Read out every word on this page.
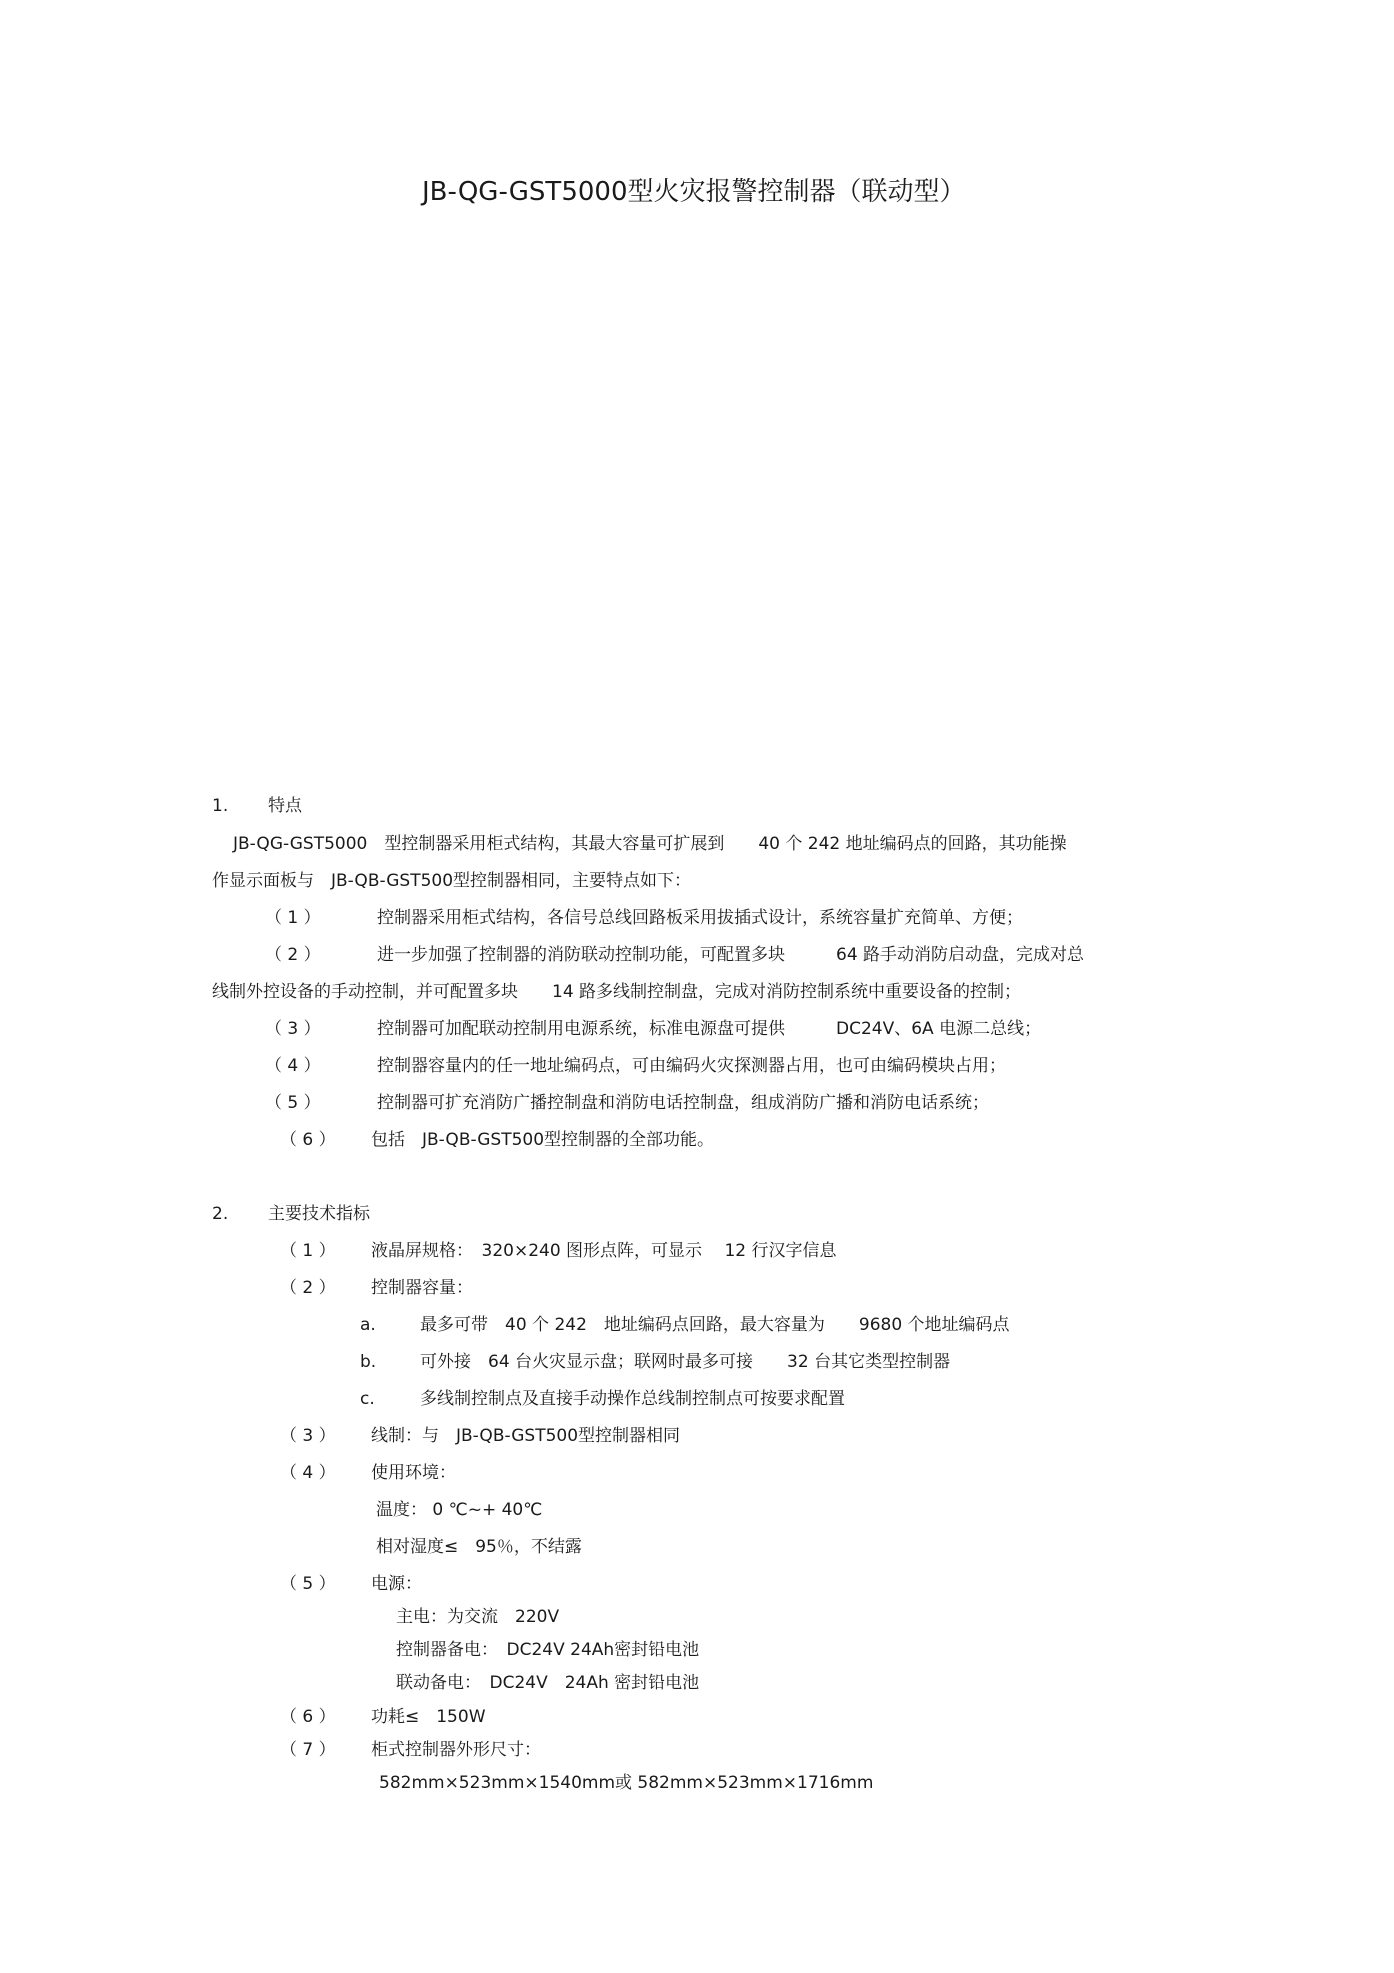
JB-QG-GST5000型火灾报警控制器（联动型）
1. 特点
JB-QG-GST5000　型控制器采用柜式结构，其最大容量可扩展到　　40 个 242 地址编码点的回路，其功能操
作显示面板与　JB-QB-GST500型控制器相同，主要特点如下：
（ 1 ）	控制器采用柜式结构，各信号总线回路板采用拔插式设计，系统容量扩充简单、方便；
（ 2 ）	进一步加强了控制器的消防联动控制功能，可配置多块　　　64 路手动消防启动盘，完成对总
线制外控设备的手动控制，并可配置多块　　14 路多线制控制盘，完成对消防控制系统中重要设备的控制；
（ 3 ）	控制器可加配联动控制用电源系统，标准电源盘可提供　　　DC24V、6A 电源二总线；
（ 4 ）	控制器容量内的任一地址编码点，可由编码火灾探测器占用，也可由编码模块占用；
（ 5 ）	控制器可扩充消防广播控制盘和消防电话控制盘，组成消防广播和消防电话系统；
（ 6 ） 包括　JB-QB-GST500型控制器的全部功能。
2. 主要技术指标
（ 1 ） 液晶屏规格：　320×240 图形点阵，可显示　 12 行汉字信息
（ 2 ） 控制器容量：
a.	最多可带　40 个 242　地址编码点回路，最大容量为　　9680 个地址编码点
b.	可外接　64 台火灾显示盘；联网时最多可接　　32 台其它类型控制器
c.	多线制控制点及直接手动操作总线制控制点可按要求配置
（ 3 ） 线制：与　JB-QB-GST500型控制器相同
（ 4 ） 使用环境：
温度： 0 ℃~+ 40℃
相对湿度≤　95％，不结露
（ 5 ） 电源：
主电：为交流　220V
控制器备电：　DC24V 24Ah密封铅电池
联动备电：　DC24V　24Ah 密封铅电池
（ 6 ） 功耗≤　150W
（ 7 ） 柜式控制器外形尺寸：
582mm×523mm×1540mm或 582mm×523mm×1716mm
